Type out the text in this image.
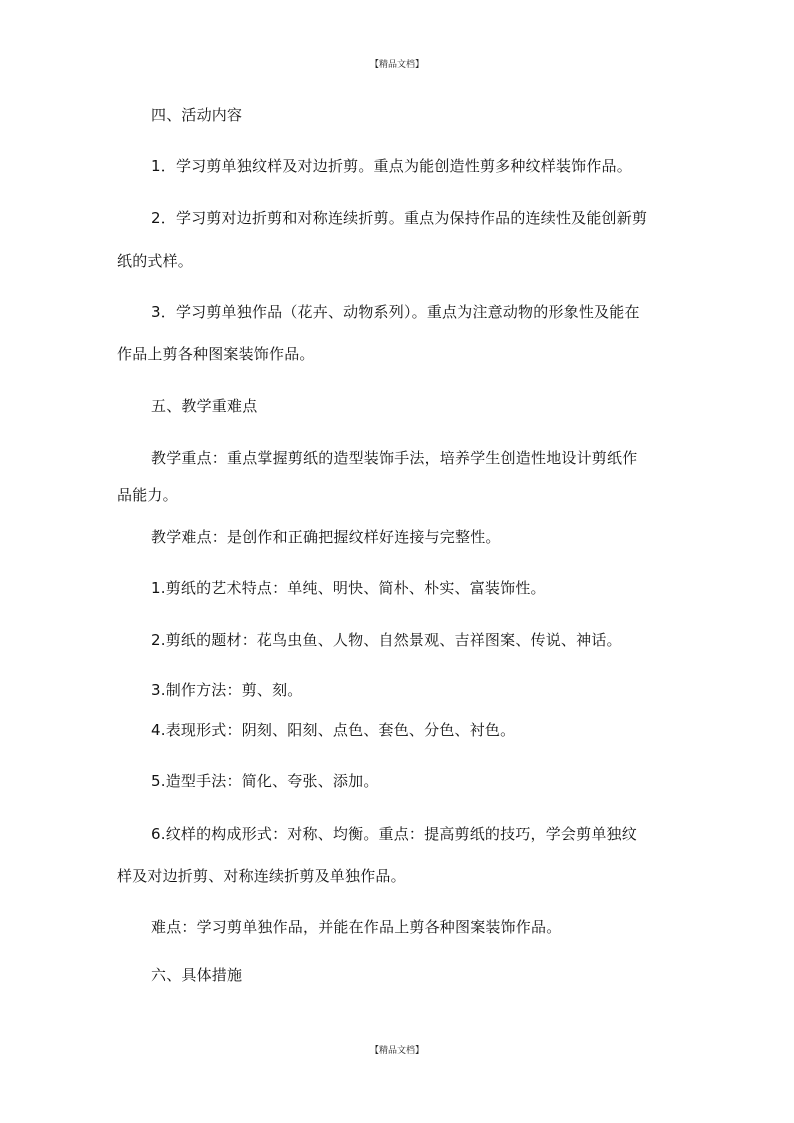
【精品文档】
四、活动内容
1．学习剪单独纹样及对边折剪。重点为能创造性剪多种纹样装饰作品。
2．学习剪对边折剪和对称连续折剪。重点为保持作品的连续性及能创新剪
纸的式样。
3．学习剪单独作品（花卉、动物系列）。重点为注意动物的形象性及能在
作品上剪各种图案装饰作品。
五、教学重难点
教学重点：重点掌握剪纸的造型装饰手法，培养学生创造性地设计剪纸作
品能力。
教学难点：是创作和正确把握纹样好连接与完整性。
1.剪纸的艺术特点：单纯、明快、简朴、朴实、富装饰性。
2.剪纸的题材：花鸟虫鱼、人物、自然景观、吉祥图案、传说、神话。
3.制作方法：剪、刻。
4.表现形式：阴刻、阳刻、点色、套色、分色、衬色。
5.造型手法：简化、夸张、添加。
6.纹样的构成形式：对称、均衡。重点：提高剪纸的技巧，学会剪单独纹
样及对边折剪、对称连续折剪及单独作品。
难点：学习剪单独作品，并能在作品上剪各种图案装饰作品。
六、具体措施
【精品文档】
